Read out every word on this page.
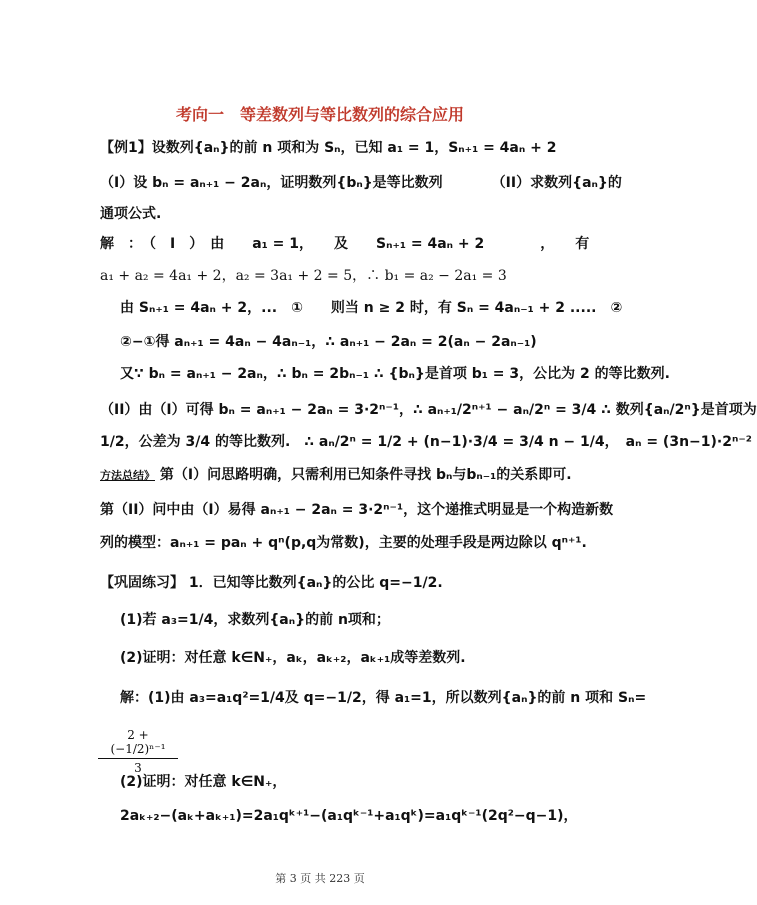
考向一　等差数列与等比数列的综合应用
【例1】设数列{aₙ}的前 n 项和为 Sₙ，已知 a₁ = 1，Sₙ₊₁ = 4aₙ + 2
（I）设 bₙ = aₙ₊₁ − 2aₙ，证明数列{bₙ}是等比数列　　　　（II）求数列{aₙ}的
通项公式.
解　：　（　I　）　由　　a₁ = 1，　　及　　Sₙ₊₁ = 4aₙ + 2　　　　，　　有
a₁ + a₂ = 4a₁ + 2，a₂ = 3a₁ + 2 = 5，∴ b₁ = a₂ − 2a₁ = 3
由 Sₙ₊₁ = 4aₙ + 2，...　①　　则当 n ≥ 2 时，有 Sₙ = 4aₙ₋₁ + 2 .....　②
②−①得 aₙ₊₁ = 4aₙ − 4aₙ₋₁，∴ aₙ₊₁ − 2aₙ = 2(aₙ − 2aₙ₋₁)
又∵ bₙ = aₙ₊₁ − 2aₙ，∴ bₙ = 2bₙ₋₁ ∴ {bₙ}是首项 b₁ = 3，公比为 2 的等比数列.
（II）由（I）可得 bₙ = aₙ₊₁ − 2aₙ = 3·2ⁿ⁻¹，∴ aₙ₊₁/2ⁿ⁺¹ − aₙ/2ⁿ = 3/4 ∴ 数列{aₙ/2ⁿ}是首项为
1/2，公差为 3/4 的等比数列.　∴ aₙ/2ⁿ = 1/2 + (n−1)·3/4 = 3/4 n − 1/4，　aₙ = (3n−1)·2ⁿ⁻²
方法总结》 第（I）问思路明确，只需利用已知条件寻找 bₙ与bₙ₋₁的关系即可.
第（II）问中由（I）易得 aₙ₊₁ − 2aₙ = 3·2ⁿ⁻¹，这个递推式明显是一个构造新数
列的模型：aₙ₊₁ = paₙ + qⁿ(p,q为常数)，主要的处理手段是两边除以 qⁿ⁺¹.
【巩固练习】 1．已知等比数列{aₙ}的公比 q=−1/2.
(1)若 a₃=1/4，求数列{aₙ}的前 n项和；
(2)证明：对任意 k∈N₊，aₖ，aₖ₊₂，aₖ₊₁成等差数列.
解：(1)由 a₃=a₁q²=1/4及 q=−1/2，得 a₁=1，所以数列{aₙ}的前 n 项和 Sₙ=
2 + (−1/2)ⁿ⁻¹
3
(2)证明：对任意 k∈N₊，
2aₖ₊₂−(aₖ+aₖ₊₁)=2a₁qᵏ⁺¹−(a₁qᵏ⁻¹+a₁qᵏ)=a₁qᵏ⁻¹(2q²−q−1)，
第 3 页 共 223 页
